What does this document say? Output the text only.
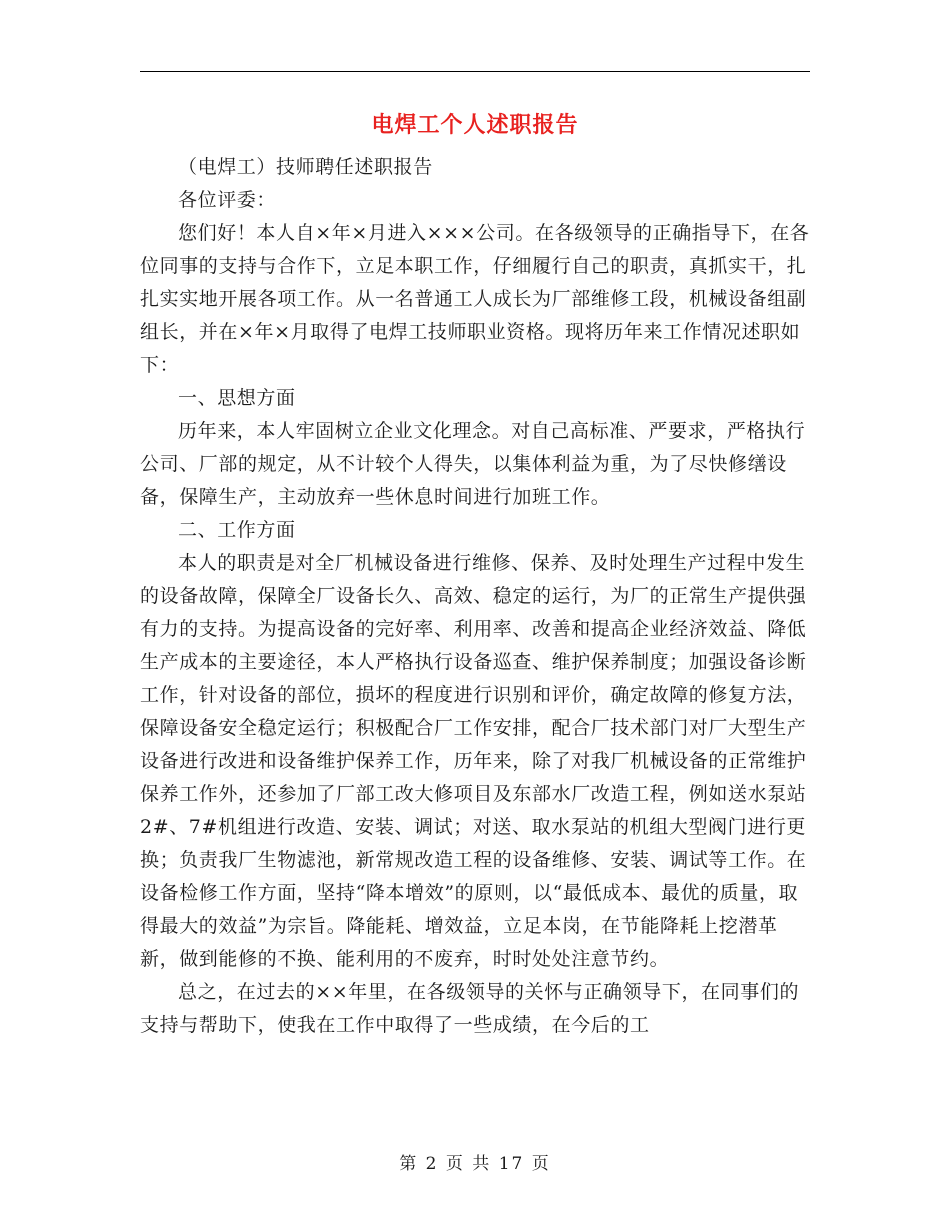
电焊工个人述职报告

（电焊工）技师聘任述职报告

各位评委：

您们好！本人自×年×月进入×××公司。在各级领导的正确指导下，在各位同事的支持与合作下，立足本职工作，仔细履行自己的职责，真抓实干，扎扎实实地开展各项工作。从一名普通工人成长为厂部维修工段，机械设备组副组长，并在×年×月取得了电焊工技师职业资格。现将历年来工作情况述职如下：

一、思想方面

历年来，本人牢固树立企业文化理念。对自己高标准、严要求，严格执行公司、厂部的规定，从不计较个人得失，以集体利益为重，为了尽快修缮设备，保障生产，主动放弃一些休息时间进行加班工作。

二、工作方面

本人的职责是对全厂机械设备进行维修、保养、及时处理生产过程中发生的设备故障，保障全厂设备长久、高效、稳定的运行，为厂的正常生产提供强有力的支持。为提高设备的完好率、利用率、改善和提高企业经济效益、降低生产成本的主要途径，本人严格执行设备巡查、维护保养制度；加强设备诊断工作，针对设备的部位，损坏的程度进行识别和评价，确定故障的修复方法，保障设备安全稳定运行；积极配合厂工作安排，配合厂技术部门对厂大型生产设备进行改进和设备维护保养工作，历年来，除了对我厂机械设备的正常维护保养工作外，还参加了厂部工改大修项目及东部水厂改造工程，例如送水泵站2#、7#机组进行改造、安装、调试；对送、取水泵站的机组大型阀门进行更换；负责我厂生物滤池，新常规改造工程的设备维修、安装、调试等工作。在设备检修工作方面，坚持“降本增效”的原则，以“最低成本、最优的质量，取得最大的效益”为宗旨。降能耗、增效益，立足本岗，在节能降耗上挖潜革新，做到能修的不换、能利用的不废弃，时时处处注意节约。

总之，在过去的××年里，在各级领导的关怀与正确领导下，在同事们的支持与帮助下，使我在工作中取得了一些成绩，在今后的工

第 2 页 共 17 页
